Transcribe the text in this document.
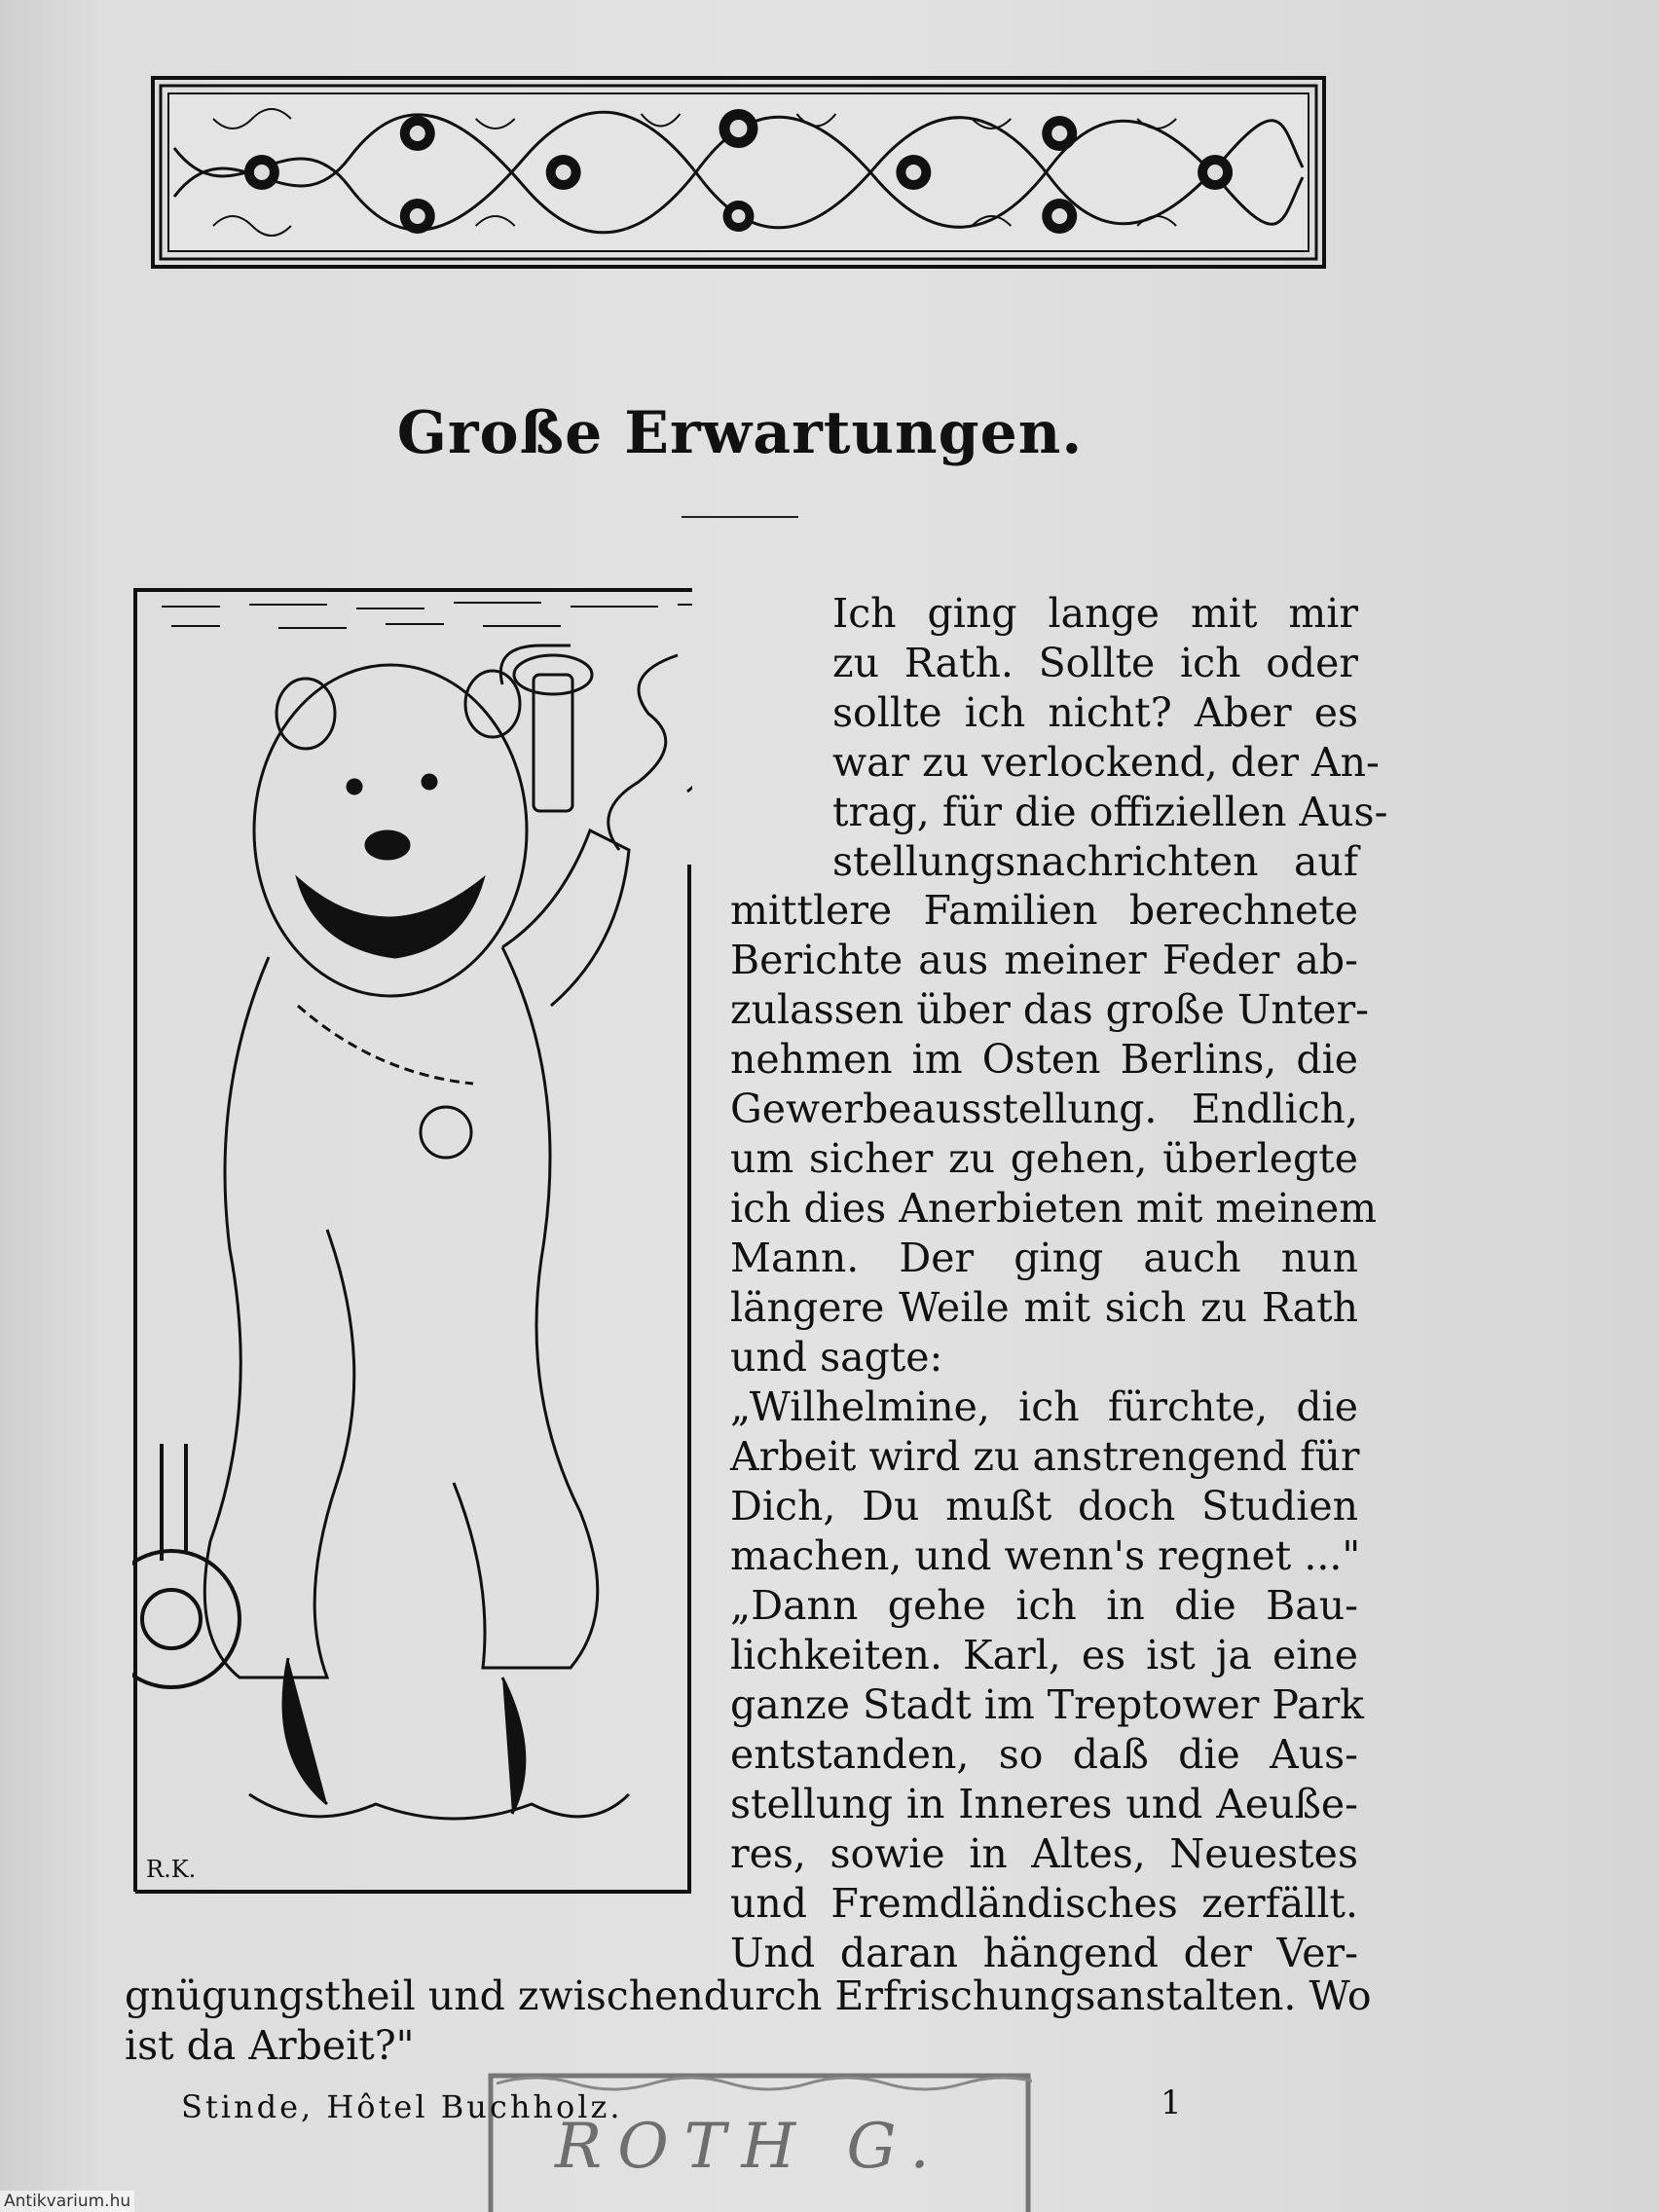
Große Erwartungen.
R.K.
Ich ging lange mit mir
zu Rath. Sollte ich oder
sollte ich nicht? Aber es
war zu verlockend, der An-
trag, für die offiziellen Aus-
stellungsnachrichten auf
mittlere Familien berechnete
Berichte aus meiner Feder ab-
zulassen über das große Unter-
nehmen im Osten Berlins, die
Gewerbeausstellung. Endlich,
um sicher zu gehen, überlegte
ich dies Anerbieten mit meinem
Mann. Der ging auch nun
längere Weile mit sich zu Rath
und sagte:
„Wilhelmine, ich fürchte, die
Arbeit wird zu anstrengend für
Dich, Du mußt doch Studien
machen, und wenn's regnet ..."
„Dann gehe ich in die Bau-
lichkeiten. Karl, es ist ja eine
ganze Stadt im Treptower Park
entstanden, so daß die Aus-
stellung in Inneres und Aeuße-
res, sowie in Altes, Neuestes
und Fremdländisches zerfällt.
Und daran hängend der Ver-
gnügungstheil und zwischendurch Erfrischungsanstalten. Wo
ist da Arbeit?"
ROTH G.
Stinde, Hôtel Buchholz.	1
Antikvarium.hu
